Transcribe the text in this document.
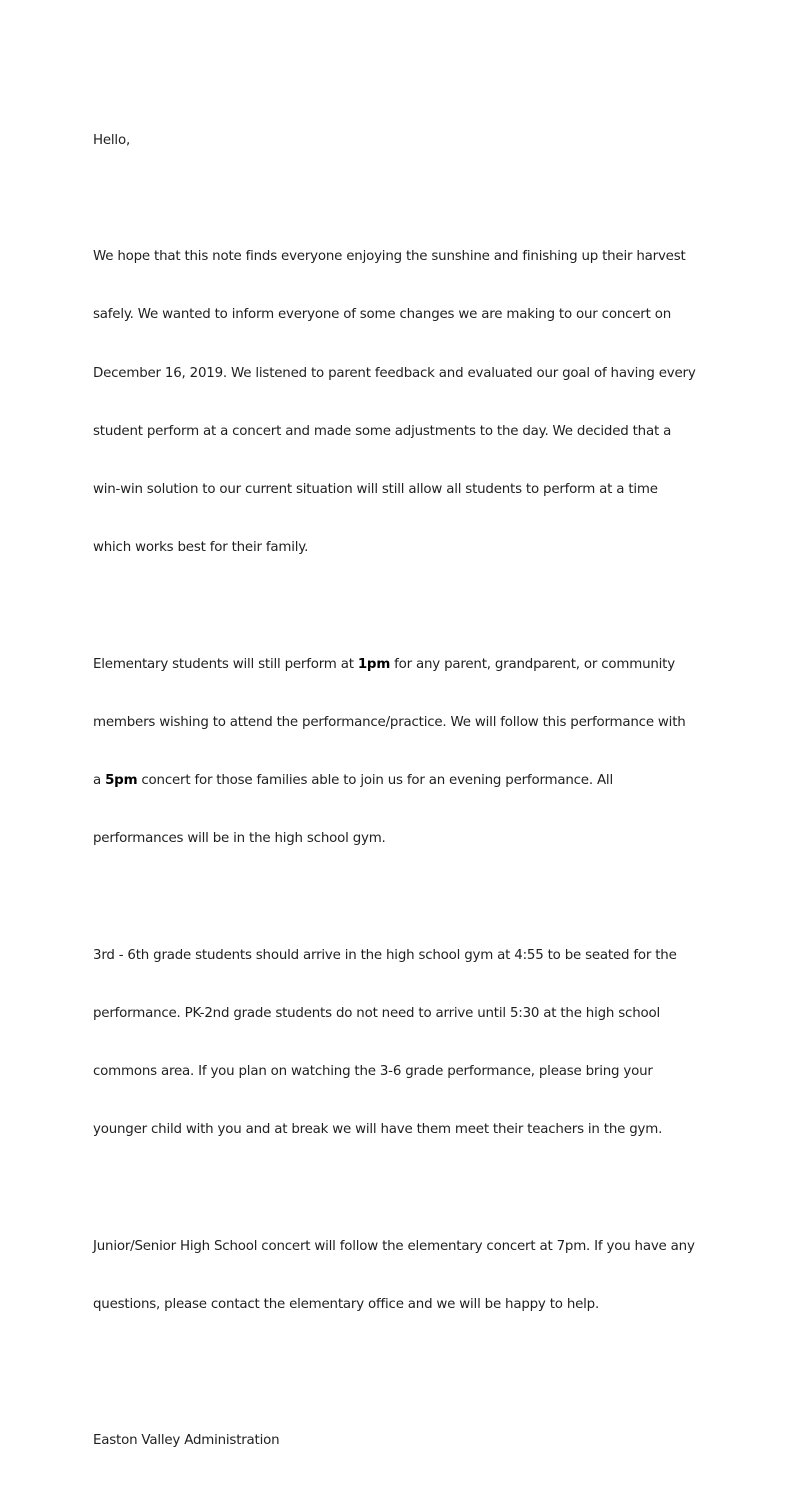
Hello,

We hope that this note finds everyone enjoying the sunshine and finishing up their harvest

safely. We wanted to inform everyone of some changes we are making to our concert on

December 16, 2019. We listened to parent feedback and evaluated our goal of having every

student perform at a concert and made some adjustments to the day. We decided that a

win-win solution to our current situation will still allow all students to perform at a time

which works best for their family.

Elementary students will still perform at 1pm for any parent, grandparent, or community

members wishing to attend the performance/practice. We will follow this performance with

a 5pm concert for those families able to join us for an evening performance. All

performances will be in the high school gym.

3rd - 6th grade students should arrive in the high school gym at 4:55 to be seated for the

performance. PK-2nd grade students do not need to arrive until 5:30 at the high school

commons area. If you plan on watching the 3-6 grade performance, please bring your

younger child with you and at break we will have them meet their teachers in the gym.

Junior/Senior High School concert will follow the elementary concert at 7pm. If you have any

questions, please contact the elementary office and we will be happy to help.

Easton Valley Administration
